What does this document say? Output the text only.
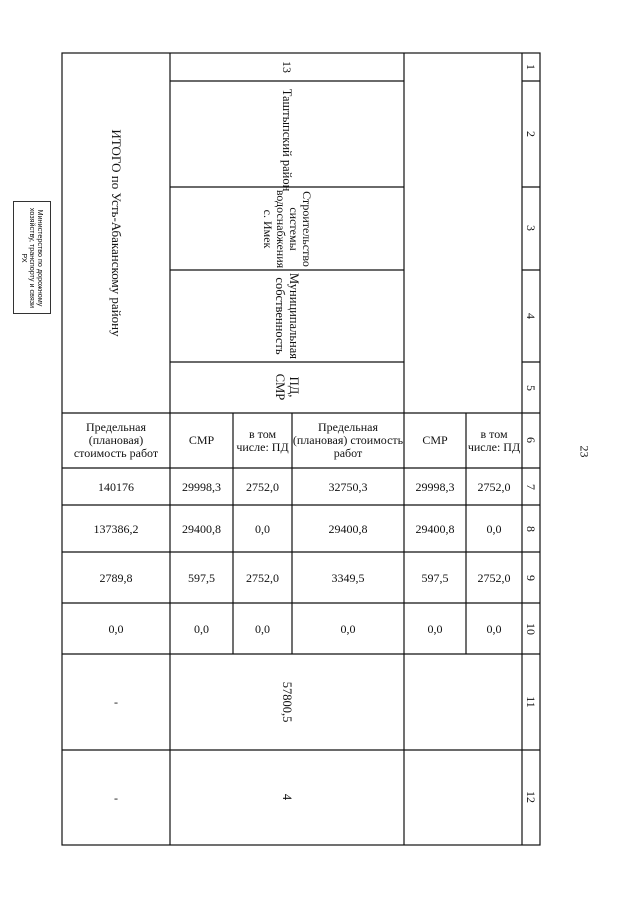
23
Министерство по дорожному хозяйству, транспорту и связи РХ
1
2
3
4
5
6
7
8
9
10
11
12
ИТОГО по Усть-Абаканскому району
13
Таштыпский район
Строительство системы водоснабжения с. Имек
Муниципальная собственность
ПД, СМР
Предельная (плановая) стоимость работ
СМР	в том числе: ПД
Предельная (плановая) стоимость работ
СМР	в том числе: ПД
140176	29998,3	2752,0	32750,3	29998,3	2752,0
137386,2	29400,8	0,0	29400,8	29400,8	0,0
2789,8	597,5	2752,0	3349,5	597,5	2752,0
0,0	0,0	0,0	0,0	0,0	0,0
-	57800,5
-	4
